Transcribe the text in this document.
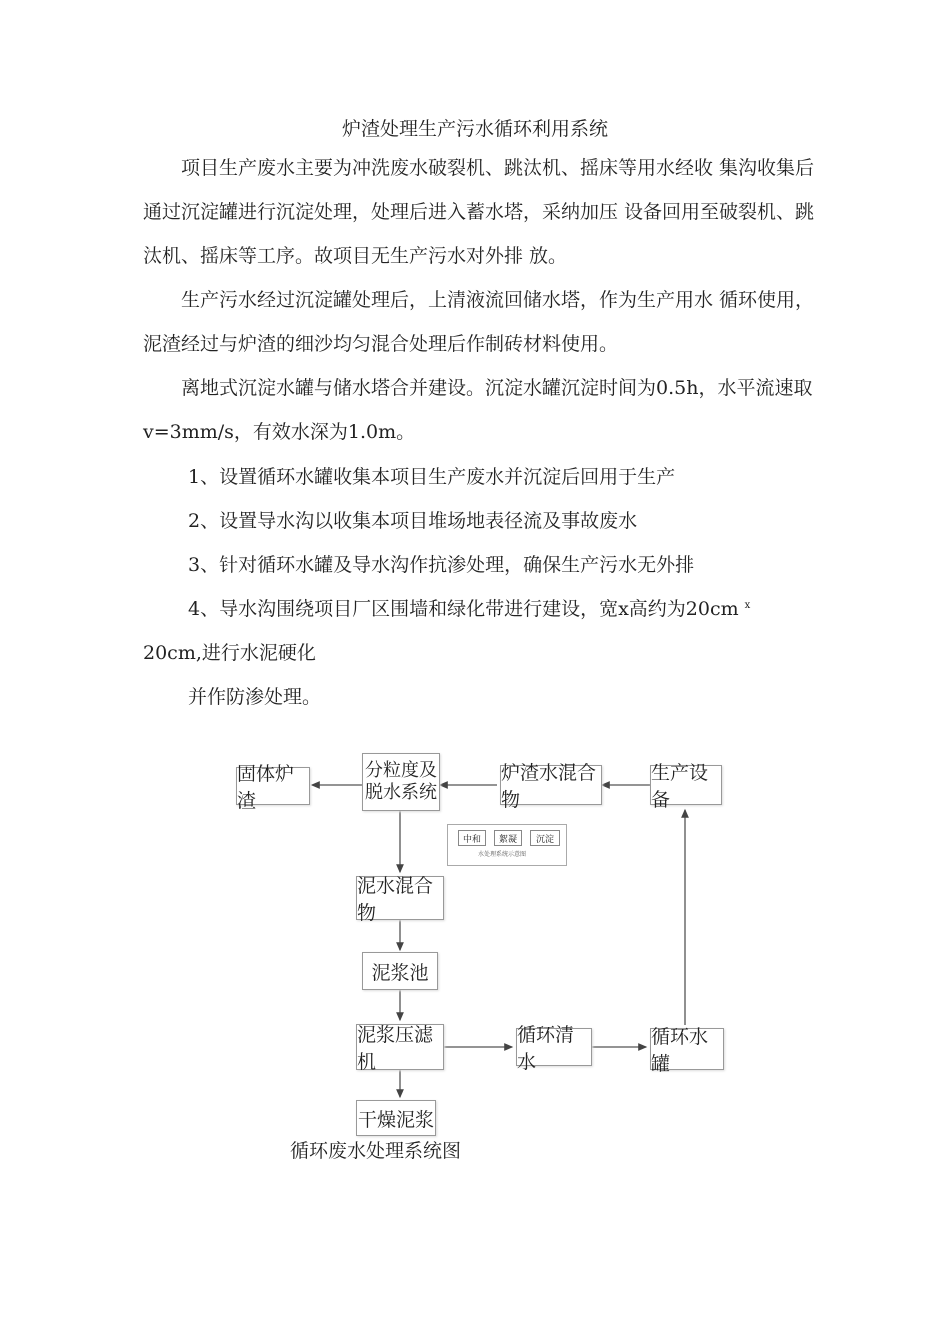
炉渣处理生产污水循环利用系统

项目生产废水主要为冲洗废水破裂机、跳汰机、摇床等用水经收 集沟收集后通过沉淀罐进行沉淀处理，处理后进入蓄水塔，采纳加压 设备回用至破裂机、跳汰机、摇床等工序。故项目无生产污水对外排 放。

生产污水经过沉淀罐处理后，上清液流回储水塔，作为生产用水 循环使用，泥渣经过与炉渣的细沙均匀混合处理后作制砖材料使用。

离地式沉淀水罐与储水塔合并建设。沉淀水罐沉淀时间为0.5h，水平流速取v=3mm/s，有效水深为1.0m。

1、设置循环水罐收集本项目生产废水并沉淀后回用于生产
2、设置导水沟以收集本项目堆场地表径流及事故废水
3、针对循环水罐及导水沟作抗渗处理，确保生产污水无外排
4、导水沟围绕项目厂区围墙和绿化带进行建设，宽x高约为20cm $^x$
20cm,进行水泥硬化
并作防渗处理。
固体炉渣
分粒度及
脱水系统
炉渣水混合物
生产设备
中和	絮凝	沉淀
水处理系统示意图
泥水混合物
泥浆池
泥浆压滤机
循环清水
循环水罐
干燥泥浆
循环废水处理系统图
